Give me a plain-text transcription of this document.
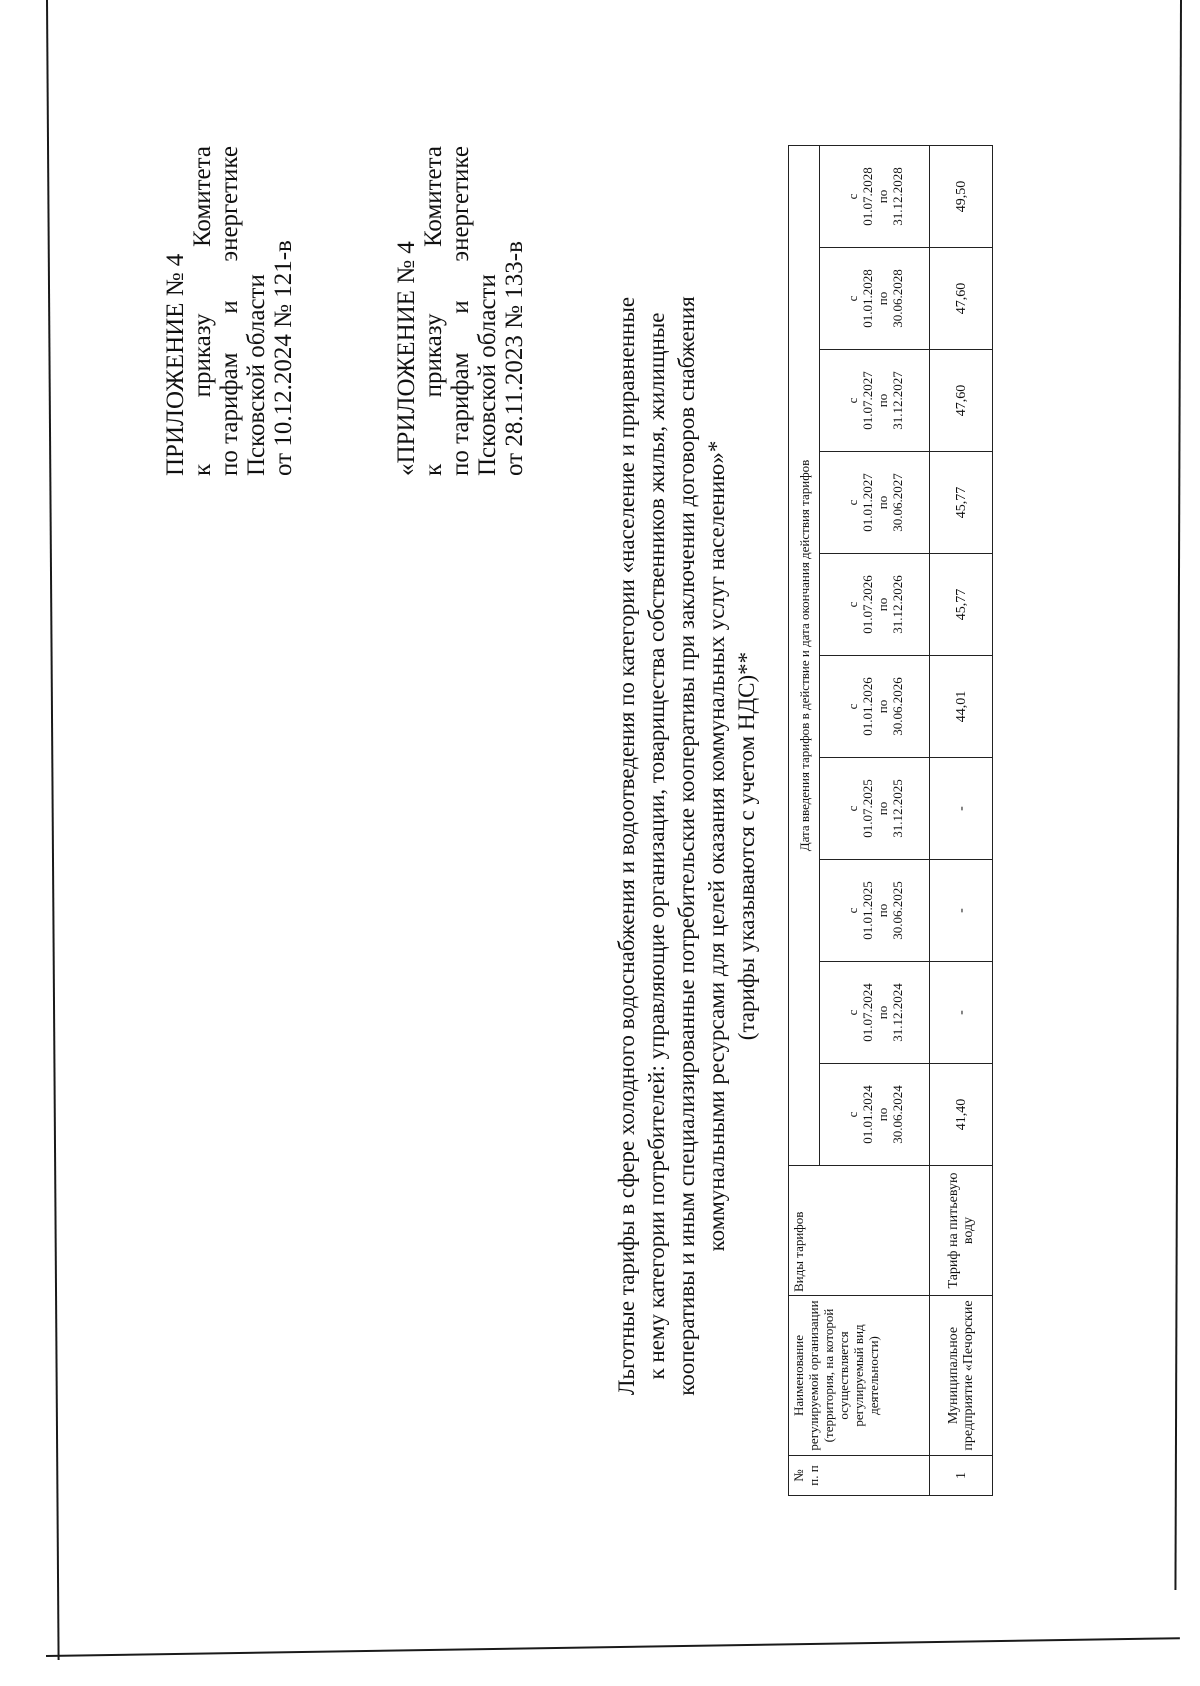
ПРИЛОЖЕНИЕ № 4 к
приказу
Комитета
по тарифам
и
энергетике
Псковской области от 10.12.2024 № 121-в	«ПРИЛОЖЕНИЕ № 4 к
приказу
Комитета
по тарифам
и
энергетике
Псковской области от 28.11.2023 № 133-в	Льготные тарифы в сфере холодного водоснабжения и водоотведения по категории «население и приравненные к нему категории потребителей: управляющие организации, товарищества собственников жилья, жилищные кооперативы и иным специализированные потребительские кооперативы при заключении договоров снабжения коммунальными ресурсами для целей оказания коммунальных услуг населению»* (тарифы указываются с учетом НДС)**
№
п. п	Наименование регулируемой организации (территория, на которой осуществляется регулируемый вид деятельности)	Виды тарифов	Дата введения тарифов в действие и дата окончания действия тарифов									
			с
01.01.2024
по
30.06.2024	с
01.07.2024
по
31.12.2024	с
01.01.2025
по
30.06.2025	с
01.07.2025
по
31.12.2025	с
01.01.2026
по
30.06.2026	с
01.07.2026
по
31.12.2026	с
01.01.2027
по
30.06.2027	с
01.07.2027
по
31.12.2027	с
01.01.2028
по
30.06.2028	с
01.07.2028
по
31.12.2028
1	Муниципальное предприятие «Печорские	Тариф на питьевую воду	41,40	-	-	-	44,01	45,77	45,77	47,60	47,60	49,50
